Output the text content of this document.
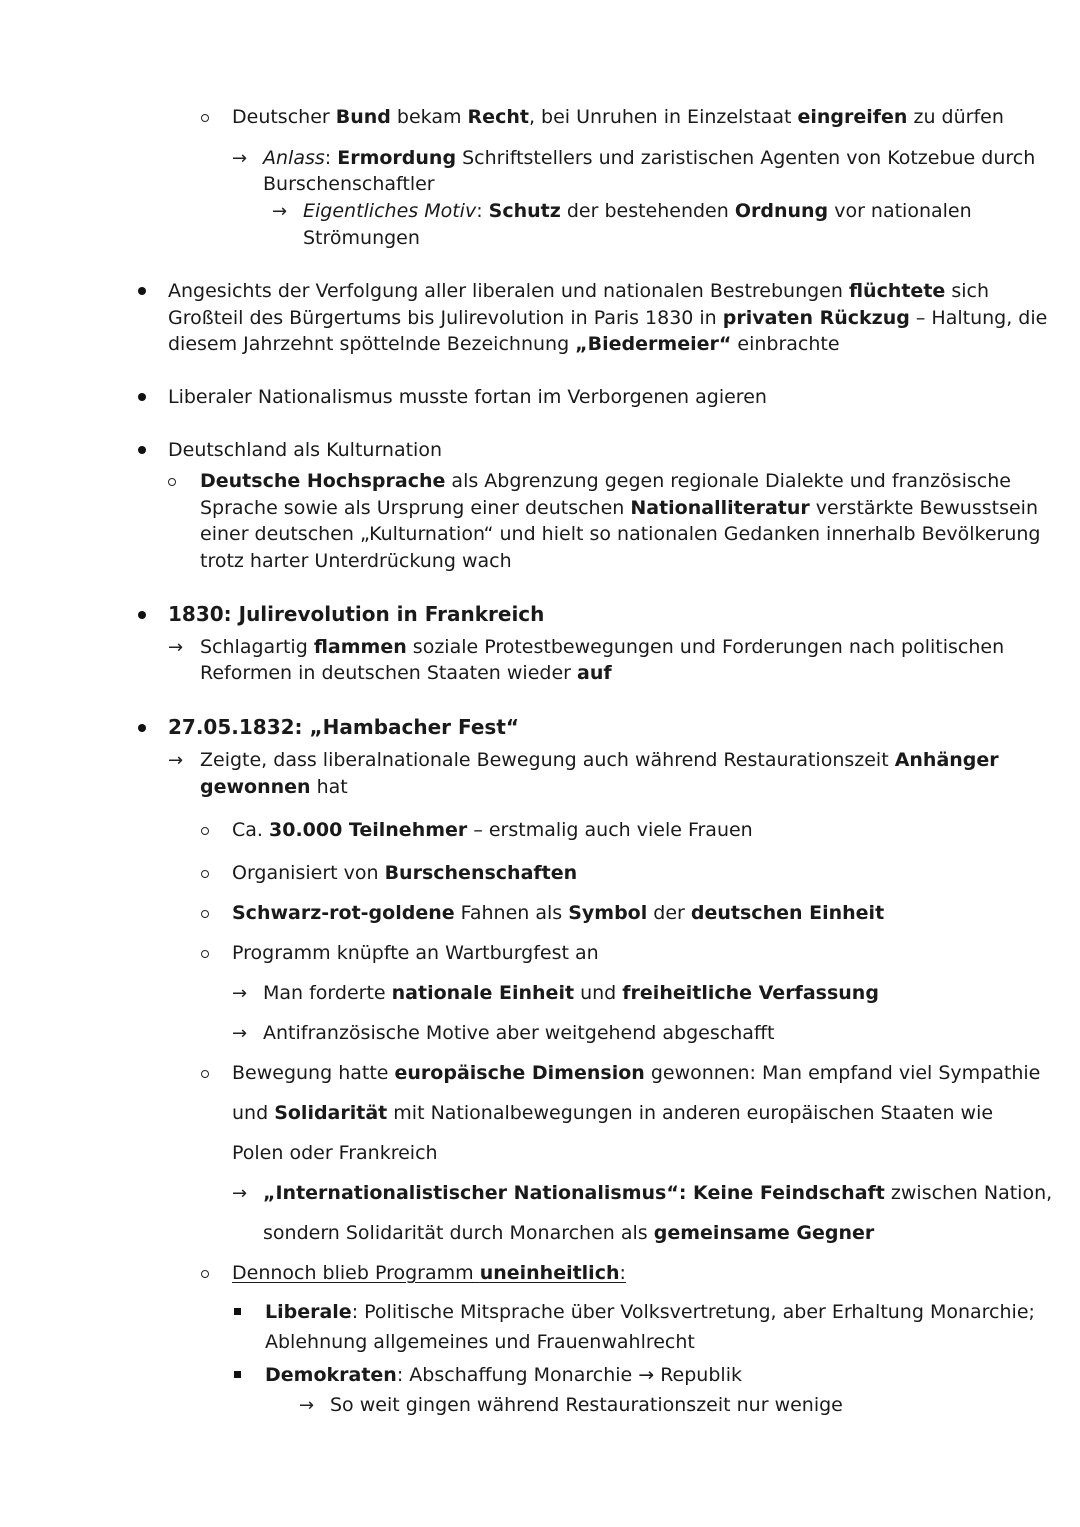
Deutscher Bund bekam Recht, bei Unruhen in Einzelstaat eingreifen zu dürfen
→ Anlass: Ermordung Schriftstellers und zaristischen Agenten von Kotzebue durch
Burschenschaftler
→ Eigentliches Motiv: Schutz der bestehenden Ordnung vor nationalen
Strömungen
Angesichts der Verfolgung aller liberalen und nationalen Bestrebungen flüchtete sich
Großteil des Bürgertums bis Julirevolution in Paris 1830 in privaten Rückzug – Haltung, die
diesem Jahrzehnt spöttelnde Bezeichnung „Biedermeier“ einbrachte
Liberaler Nationalismus musste fortan im Verborgenen agieren
Deutschland als Kulturnation
Deutsche Hochsprache als Abgrenzung gegen regionale Dialekte und französische
Sprache sowie als Ursprung einer deutschen Nationalliteratur verstärkte Bewusstsein
einer deutschen „Kulturnation“ und hielt so nationalen Gedanken innerhalb Bevölkerung
trotz harter Unterdrückung wach
1830: Julirevolution in Frankreich
→ Schlagartig flammen soziale Protestbewegungen und Forderungen nach politischen
Reformen in deutschen Staaten wieder auf
27.05.1832: „Hambacher Fest“
→ Zeigte, dass liberalnationale Bewegung auch während Restaurationszeit Anhänger
gewonnen hat
Ca. 30.000 Teilnehmer – erstmalig auch viele Frauen
Organisiert von Burschenschaften
Schwarz-rot-goldene Fahnen als Symbol der deutschen Einheit
Programm knüpfte an Wartburgfest an
→ Man forderte nationale Einheit und freiheitliche Verfassung
→ Antifranzösische Motive aber weitgehend abgeschafft
Bewegung hatte europäische Dimension gewonnen: Man empfand viel Sympathie
und Solidarität mit Nationalbewegungen in anderen europäischen Staaten wie
Polen oder Frankreich
→ „Internationalistischer Nationalismus“: Keine Feindschaft zwischen Nation,
sondern Solidarität durch Monarchen als gemeinsame Gegner
Dennoch blieb Programm uneinheitlich:
Liberale: Politische Mitsprache über Volksvertretung, aber Erhaltung Monarchie;
Ablehnung allgemeines und Frauenwahlrecht
Demokraten: Abschaffung Monarchie → Republik
→ So weit gingen während Restaurationszeit nur wenige
